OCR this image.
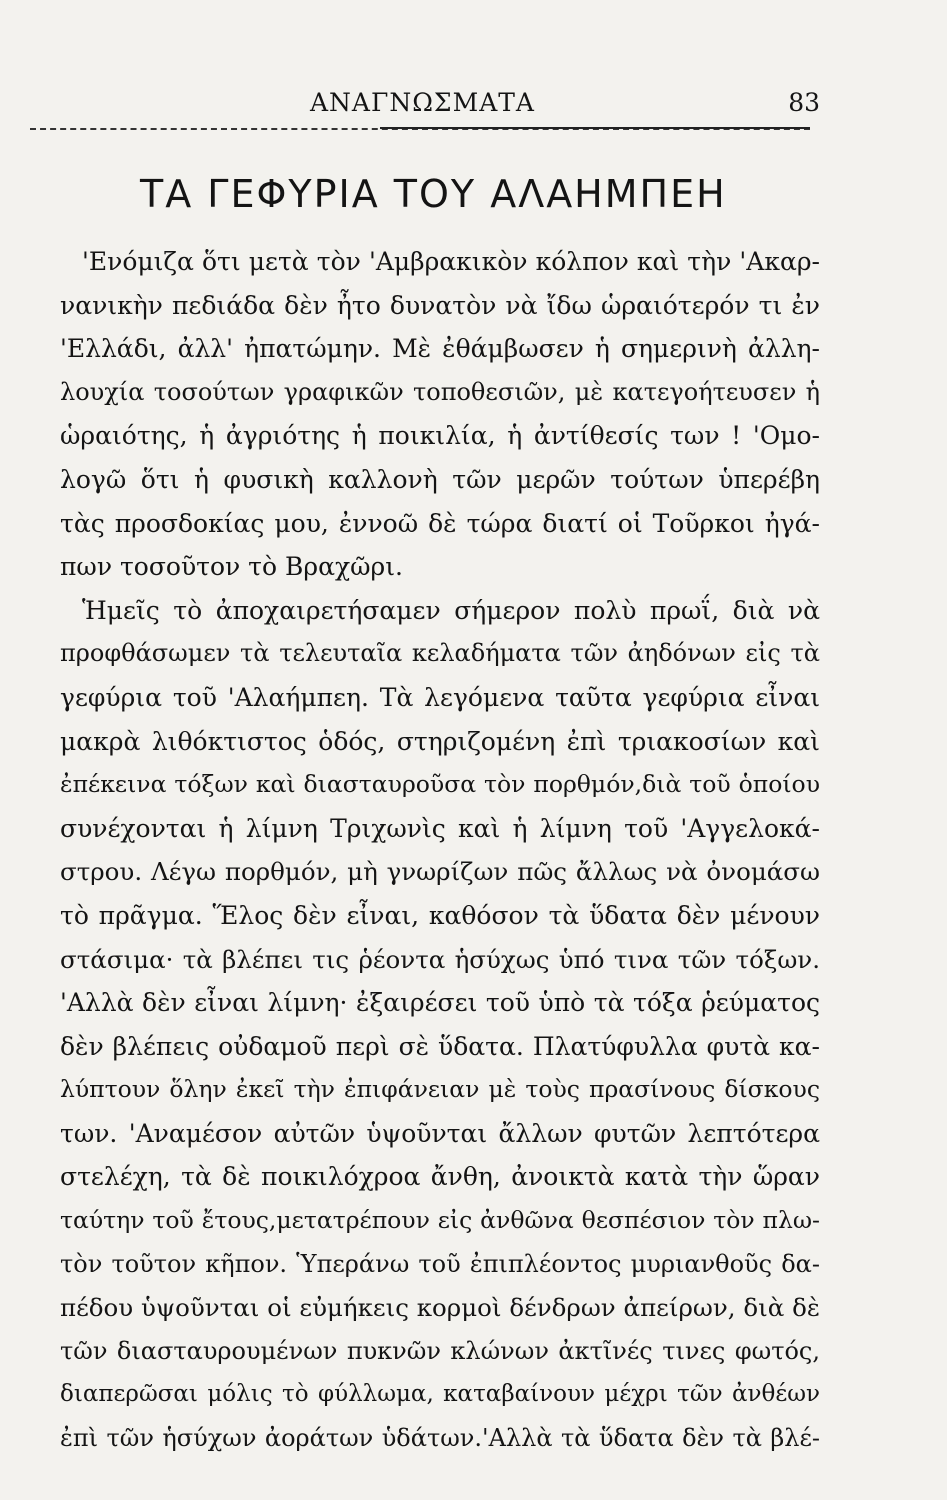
ΑΝΑΓΝΩΣΜΑΤΑ	83
ΤΑ ΓΕΦΥΡΙΑ ΤΟΥ ΑΛΑΗΜΠΕΗ
'Ενόμιζα ὅτι μετὰ τὸν 'Αμβρακικὸν κόλπον καὶ τὴν 'Ακαρ-
νανικὴν πεδιάδα δὲν ἦτο δυνατὸν νὰ ἴδω ὡραιότερόν τι ἐν
'Ελλάδι, ἀλλ' ἠπατώμην. Μὲ ἐθάμβωσεν ἡ σημερινὴ ἀλλη-
λουχία τοσούτων γραφικῶν τοποθεσιῶν, μὲ κατεγοήτευσεν ἡ
ὡραιότης, ἡ ἀγριότης ἡ ποικιλία, ἡ ἀντίθεσίς των ! 'Ομο-
λογῶ ὅτι ἡ φυσικὴ καλλονὴ τῶν μερῶν τούτων ὑπερέβη
τὰς προσδοκίας μου, ἐννοῶ δὲ τώρα διατί οἱ Τοῦρκοι ἠγά-
πων τοσοῦτον τὸ Βραχῶρι.
Ἡμεῖς τὸ ἀποχαιρετήσαμεν σήμερον πολὺ πρωΐ, διὰ νὰ
προφθάσωμεν τὰ τελευταῖα κελαδήματα τῶν ἀηδόνων εἰς τὰ
γεφύρια τοῦ 'Αλαήμπεη. Τὰ λεγόμενα ταῦτα γεφύρια εἶναι
μακρὰ λιθόκτιστος ὁδός, στηριζομένη ἐπὶ τριακοσίων καὶ
ἐπέκεινα τόξων καὶ διασταυροῦσα τὸν πορθμόν,διὰ τοῦ ὁποίου
συνέχονται ἡ λίμνη Τριχωνὶς καὶ ἡ λίμνη τοῦ 'Αγγελοκά-
στρου. Λέγω πορθμόν, μὴ γνωρίζων πῶς ἄλλως νὰ ὀνομάσω
τὸ πρᾶγμα. Ἕλος δὲν εἶναι, καθόσον τὰ ὕδατα δὲν μένουν
στάσιμα· τὰ βλέπει τις ῥέοντα ἡσύχως ὑπό τινα τῶν τόξων.
'Αλλὰ δὲν εἶναι λίμνη· ἐξαιρέσει τοῦ ὑπὸ τὰ τόξα ῥεύματος
δὲν βλέπεις οὐδαμοῦ περὶ σὲ ὕδατα. Πλατύφυλλα φυτὰ κα-
λύπτουν ὅλην ἐκεῖ τὴν ἐπιφάνειαν μὲ τοὺς πρασίνους δίσκους
των. 'Αναμέσον αὐτῶν ὑψοῦνται ἄλλων φυτῶν λεπτότερα
στελέχη, τὰ δὲ ποικιλόχροα ἄνθη, ἀνοικτὰ κατὰ τὴν ὥραν
ταύτην τοῦ ἔτους,μετατρέπουν εἰς ἀνθῶνα θεσπέσιον τὸν πλω-
τὸν τοῦτον κῆπον. Ὑπεράνω τοῦ ἐπιπλέοντος μυριανθοῦς δα-
πέδου ὑψοῦνται οἱ εὐμήκεις κορμοὶ δένδρων ἀπείρων, διὰ δὲ
τῶν διασταυρουμένων πυκνῶν κλώνων ἀκτῖνές τινες φωτός,
διαπερῶσαι μόλις τὸ φύλλωμα, καταβαίνουν μέχρι τῶν ἀνθέων
ἐπὶ τῶν ἡσύχων ἀοράτων ὑδάτων.'Αλλὰ τὰ ὕδατα δὲν τὰ βλέ-
